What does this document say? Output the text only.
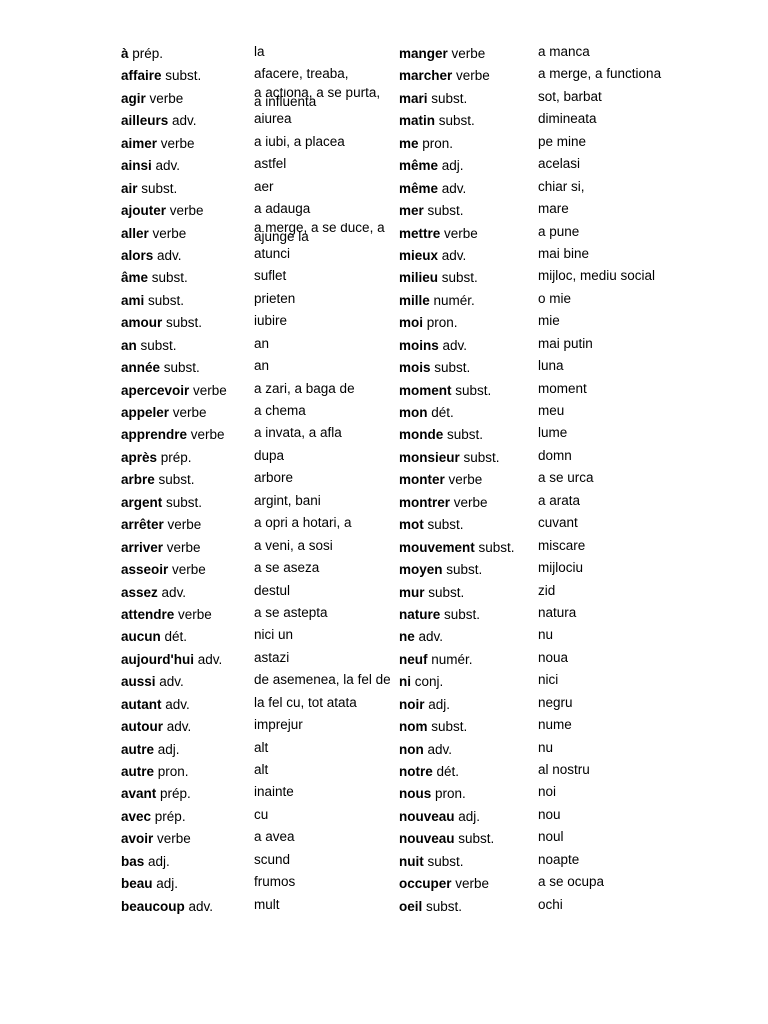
à prép.
affaire subst.
agir verbe
ailleurs adv.
aimer verbe
ainsi adv.
air subst.
ajouter verbe
aller verbe
alors adv.
âme subst.
ami subst.
amour subst.
an subst.
année subst.
apercevoir verbe
appeler verbe
apprendre verbe
après prép.
arbre subst.
argent subst.
arrêter verbe
arriver verbe
asseoir verbe
assez adv.
attendre verbe
aucun dét.
aujourd'hui adv.
aussi adv.
autant adv.
autour adv.
autre adj.
autre pron.
avant prép.
avec prép.
avoir verbe
bas adj.
beau adj.
beaucoup adv.
la
afacere, treaba,
a actiona, a se purta, a influenta
aiurea
a iubi, a placea
astfel
aer
a adauga
a merge, a se duce, a ajunge la
atunci
suflet
prieten
iubire
an
an
a zari, a baga de
a chema
a invata, a afla
dupa
arbore
argint, bani
a opri a hotari, a
a veni, a sosi
a se aseza
destul
a se astepta
nici un
astazi
de asemenea, la fel de
la fel cu, tot atata
imprejur
alt
alt
inainte
cu
a avea
scund
frumos
mult
manger verbe
marcher verbe
mari subst.
matin subst.
me pron.
même adj.
même adv.
mer subst.
mettre verbe
mieux adv.
milieu subst.
mille numér.
moi pron.
moins adv.
mois subst.
moment subst.
mon dét.
monde subst.
monsieur subst.
monter verbe
montrer verbe
mot subst.
mouvement subst.
moyen subst.
mur subst.
nature subst.
ne adv.
neuf numér.
ni conj.
noir adj.
nom subst.
non adv.
notre dét.
nous pron.
nouveau adj.
nouveau subst.
nuit subst.
occuper verbe
oeil subst.
a manca
a merge, a functiona
sot, barbat
dimineata
pe mine
acelasi
chiar si,
mare
a pune
mai bine
mijloc, mediu social
o mie
mie
mai putin
luna
moment
meu
lume
domn
a se urca
a arata
cuvant
miscare
mijlociu
zid
natura
nu
noua
nici
negru
nume
nu
al nostru
noi
nou
noul
noapte
a se ocupa
ochi
